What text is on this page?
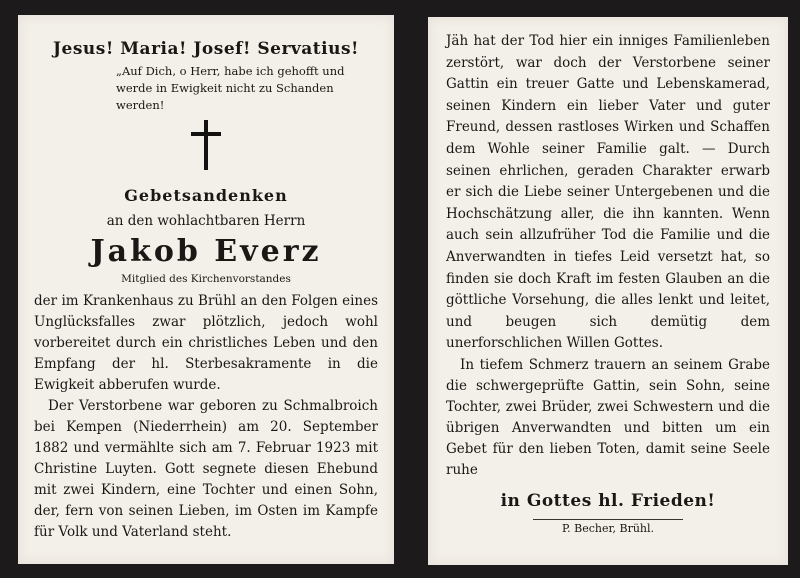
Jesus! Maria! Josef! Servatius!
„Auf Dich, o Herr, habe ich gehofft und werde in Ewigkeit nicht zu Schanden werden!
Gebetsandenken
an den wohlachtbaren Herrn
Jakob Everz
Mitglied des Kirchenvorstandes

der im Krankenhaus zu Brühl an den Folgen eines Unglücksfalles zwar plötzlich, jedoch wohl vorbereitet durch ein christliches Leben und den Empfang der hl. Sterbesakramente in die Ewigkeit abberufen wurde.

Der Verstorbene war geboren zu Schmalbroich bei Kempen (Niederrhein) am 20. September 1882 und vermählte sich am 7. Februar 1923 mit Christine Luyten. Gott segnete diesen Ehebund mit zwei Kindern, eine Tochter und einen Sohn, der, fern von seinen Lieben, im Osten im Kampfe für Volk und Vaterland steht.

Jäh hat der Tod hier ein inniges Familienleben zerstört, war doch der Verstorbene seiner Gattin ein treuer Gatte und Lebenskamerad, seinen Kindern ein lieber Vater und guter Freund, dessen rastloses Wirken und Schaffen dem Wohle seiner Familie galt. — Durch seinen ehrlichen, geraden Charakter erwarb er sich die Liebe seiner Untergebenen und die Hochschätzung aller, die ihn kannten. Wenn auch sein allzufrüher Tod die Familie und die Anverwandten in tiefes Leid versetzt hat, so finden sie doch Kraft im festen Glauben an die göttliche Vorsehung, die alles lenkt und leitet, und beugen sich demütig dem unerforschlichen Willen Gottes.

In tiefem Schmerz trauern an seinem Grabe die schwergeprüfte Gattin, sein Sohn, seine Tochter, zwei Brüder, zwei Schwestern und die übrigen Anverwandten und bitten um ein Gebet für den lieben Toten, damit seine Seele ruhe

in Gottes hl. Frieden!
P. Becher, Brühl.
